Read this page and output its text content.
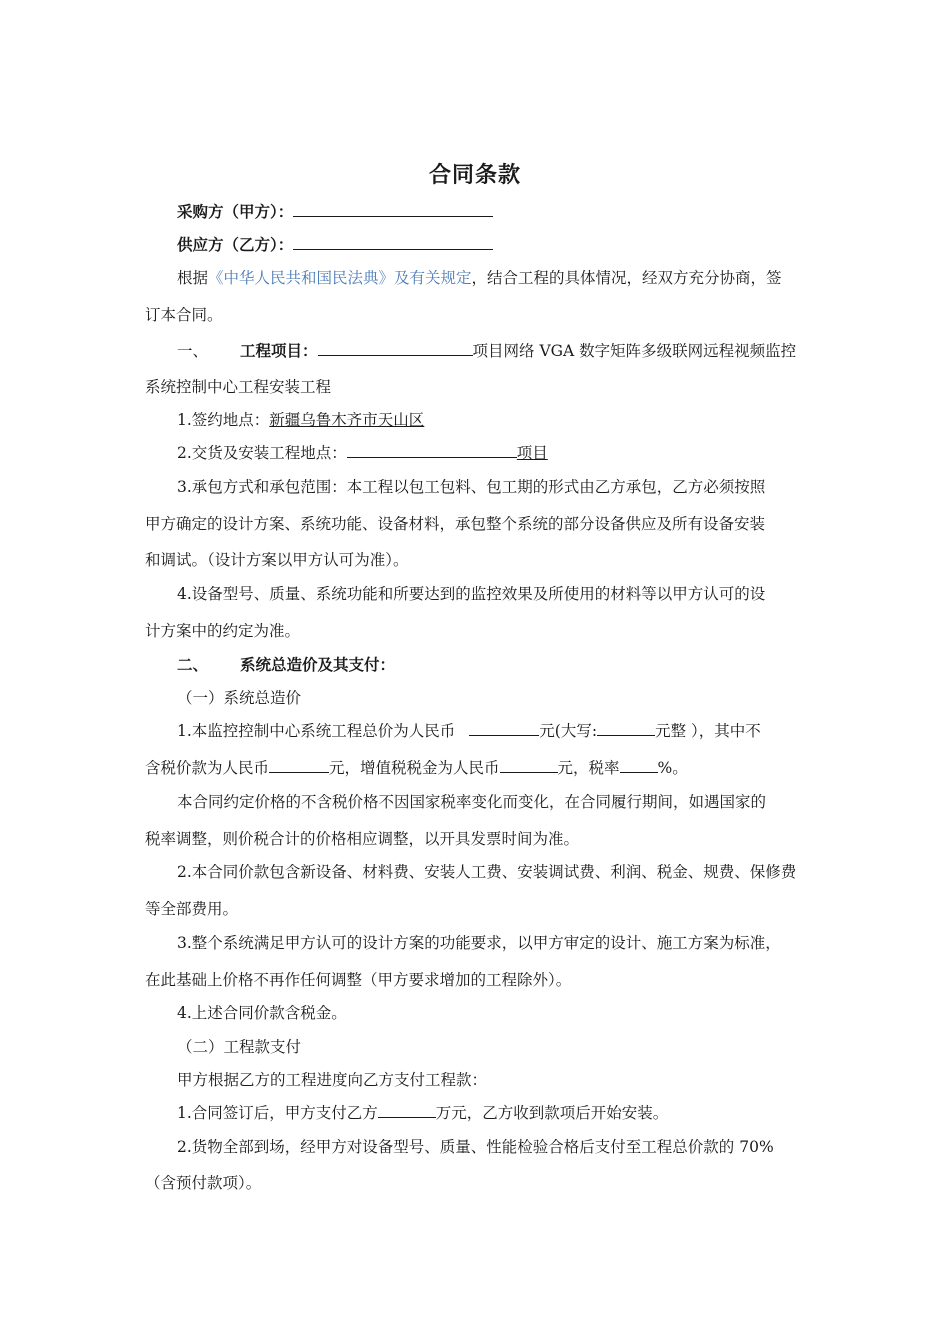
合同条款
采购方（甲方）：
供应方（乙方）：
根据《中华人民共和国民法典》及有关规定，结合工程的具体情况，经双方充分协商，签
订本合同。
一、 工程项目：	项目网络 VGA 数字矩阵多级联网远程视频监控
系统控制中心工程安装工程
1.签约地点：新疆乌鲁木齐市天山区
2.交货及安装工程地点：	项目
3.承包方式和承包范围：本工程以包工包料、包工期的形式由乙方承包，乙方必须按照
甲方确定的设计方案、系统功能、设备材料，承包整个系统的部分设备供应及所有设备安装
和调试。（设计方案以甲方认可为准）。
4.设备型号、质量、系统功能和所要达到的监控效果及所使用的材料等以甲方认可的设
计方案中的约定为准。
二、 系统总造价及其支付：
（一）系统总造价
1.本监控控制中心系统工程总价为人民币	元(大写:	元整 ），其中不
含税价款为人民币	元，增值税税金为人民币	元，税率 %。
本合同约定价格的不含税价格不因国家税率变化而变化，在合同履行期间，如遇国家的
税率调整，则价税合计的价格相应调整，以开具发票时间为准。
2.本合同价款包含新设备、材料费、安装人工费、安装调试费、利润、税金、规费、保修费
等全部费用。
3.整个系统满足甲方认可的设计方案的功能要求，以甲方审定的设计、施工方案为标准，
在此基础上价格不再作任何调整（甲方要求增加的工程除外）。
4.上述合同价款含税金。
（二）工程款支付
甲方根据乙方的工程进度向乙方支付工程款：
1.合同签订后，甲方支付乙方	万元，乙方收到款项后开始安装。
2.货物全部到场，经甲方对设备型号、质量、性能检验合格后支付至工程总价款的 70%
（含预付款项）。
